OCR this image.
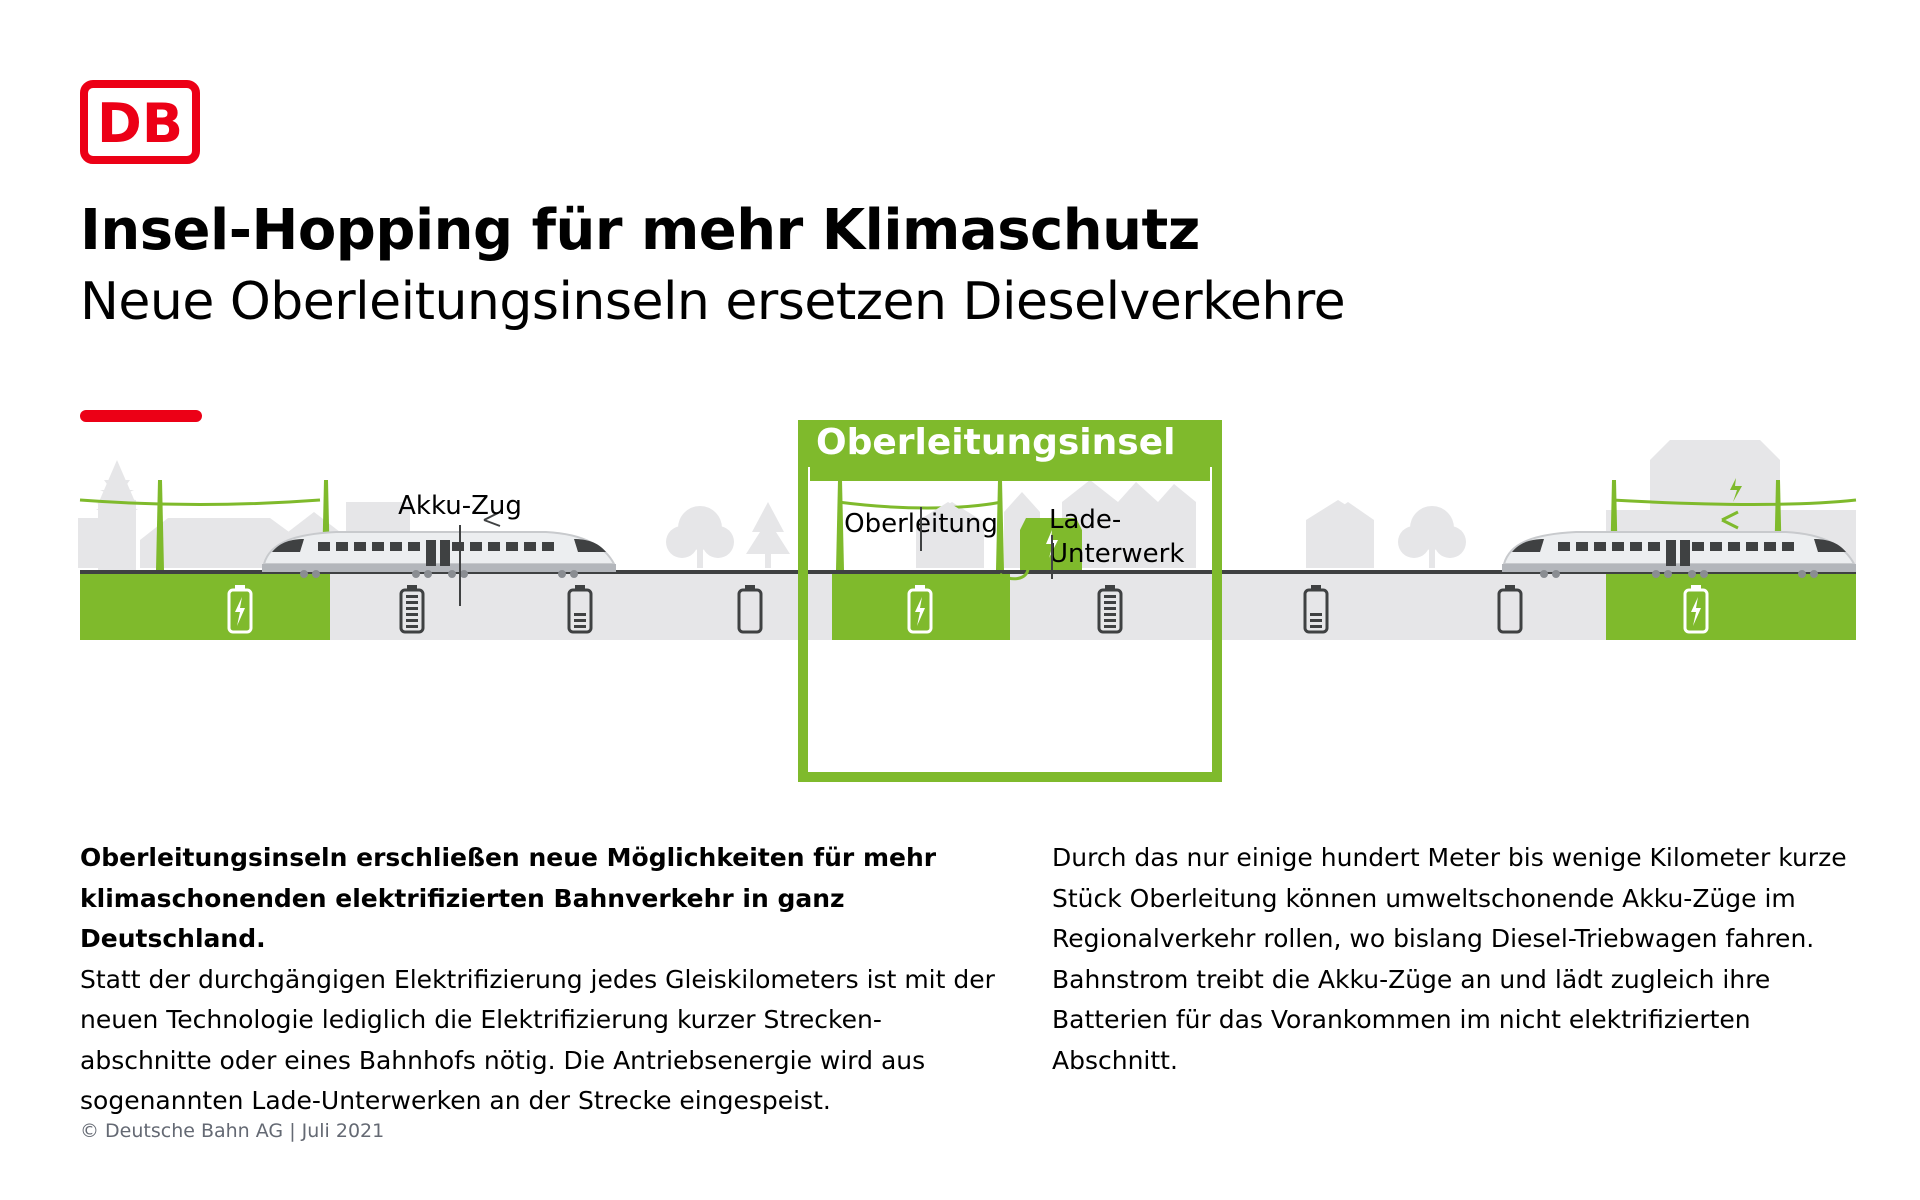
DB
Insel-Hopping für mehr Klimaschutz
Neue Oberleitungsinseln ersetzen Dieselverkehre
Akku-Zug
Oberleitungsinsel
Oberleitung Lade-
Unterwerk

Oberleitungsinseln erschließen neue Möglichkeiten für mehr klimaschonenden elektrifizierten Bahnverkehr in ganz Deutschland.

Statt der durchgängigen Elektrifizierung jedes Gleiskilometers ist mit der neuen Technologie lediglich die Elektrifizierung kurzer Strecken-abschnitte oder eines Bahnhofs nötig. Die Antriebsenergie wird aus sogenannten Lade-Unterwerken an der Strecke eingespeist.

Durch das nur einige hundert Meter bis wenige Kilometer kurze Stück Oberleitung können umweltschonende Akku-Züge im Regionalverkehr rollen, wo bislang Diesel-Triebwagen fahren. Bahnstrom treibt die Akku-Züge an und lädt zugleich ihre Batterien für das Vorankommen im nicht elektrifizierten Abschnitt.

© Deutsche Bahn AG | Juli 2021
